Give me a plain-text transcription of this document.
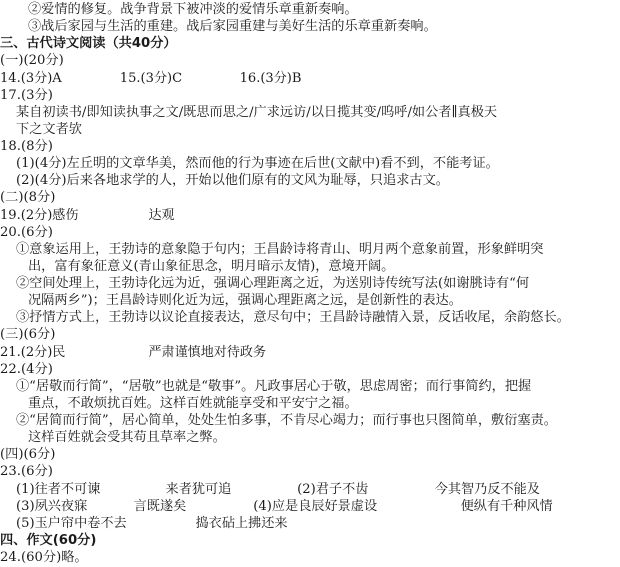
②爱情的修复。战争背景下被冲淡的爱情乐章重新奏响。
③战后家园与生活的重建。战后家园重建与美好生活的乐章重新奏响。
三、古代诗文阅读（共40分）
(一)(20分)
14.(3分)A	15.(3分)C	16.(3分)B
17.(3分)
某自初读书/即知读执事之文/既思而思之/广求远访/以日揽其变/呜呼/如公者∥真极天
下之文者欤
18.(8分)
(1)(4分)左丘明的文章华美，然而他的行为事迹在后世(文献中)看不到，不能考证。
(2)(4分)后来各地求学的人，开始以他们原有的文风为耻辱，只追求古文。
(二)(8分)
19.(2分)感伤	达观
20.(6分)
①意象运用上，王勃诗的意象隐于句内；王昌龄诗将青山、明月两个意象前置，形象鲜明突
出，富有象征意义(青山象征思念，明月暗示友情)，意境开阔。
②空间处理上，王勃诗化远为近，强调心理距离之近，为送别诗传统写法(如谢朓诗有“何
况隔两乡”)；王昌龄诗则化近为远，强调心理距离之远，是创新性的表达。
③抒情方式上，王勃诗以议论直接表达，意尽句中；王昌龄诗融情入景，反话收尾，余韵悠长。
(三)(6分)
21.(2分)民	严肃谨慎地对待政务
22.(4分)
①“居敬而行简”，“居敬”也就是“敬事”。凡政事居心于敬，思虑周密；而行事简约，把握
重点，不敢烦扰百姓。这样百姓就能享受和平安宁之福。
②“居简而行简”，居心简单，处处生怕多事，不肯尽心竭力；而行事也只图简单，敷衍塞责。
这样百姓就会受其苟且草率之弊。
(四)(6分)
23.(6分)
(1)往者不可谏	来者犹可追	(2)君子不齿	今其智乃反不能及
(3)夙兴夜寐	言既遂矣	(4)应是良辰好景虚设	便纵有千种风情
(5)玉户帘中卷不去	捣衣砧上拂还来
四、作文(60分)
24.(60分)略。
